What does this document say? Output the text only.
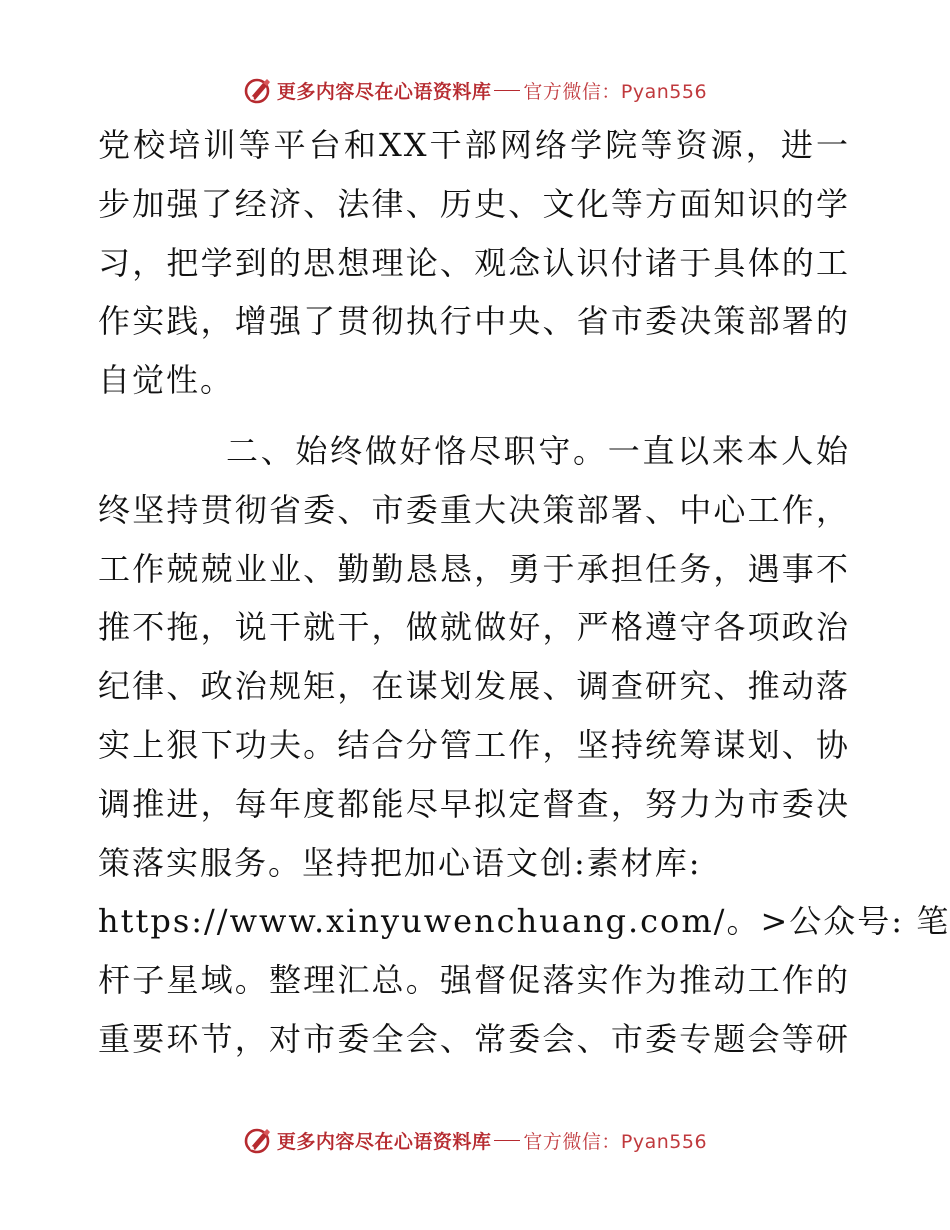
更多内容尽在心语资料库 官方微信：Pyan556
党校培训等平台和XX干部网络学院等资源，进一
步加强了经济、法律、历史、文化等方面知识的学
习，把学到的思想理论、观念认识付诸于具体的工
作实践，增强了贯彻执行中央、省市委决策部署的
自觉性。
二、始终做好恪尽职守。一直以来本人始
终坚持贯彻省委、市委重大决策部署、中心工作，
工作兢兢业业、勤勤恳恳，勇于承担任务，遇事不
推不拖，说干就干，做就做好，严格遵守各项政治
纪律、政治规矩，在谋划发展、调查研究、推动落
实上狠下功夫。结合分管工作，坚持统筹谋划、协
调推进，每年度都能尽早拟定督查，努力为市委决
策落实服务。坚持把加心语文创:素材库:
https://www.xinyuwenchuang.com/。>公众号: 笔
杆子星域。整理汇总。强督促落实作为推动工作的
重要环节，对市委全会、常委会、市委专题会等研
更多内容尽在心语资料库 官方微信：Pyan556
